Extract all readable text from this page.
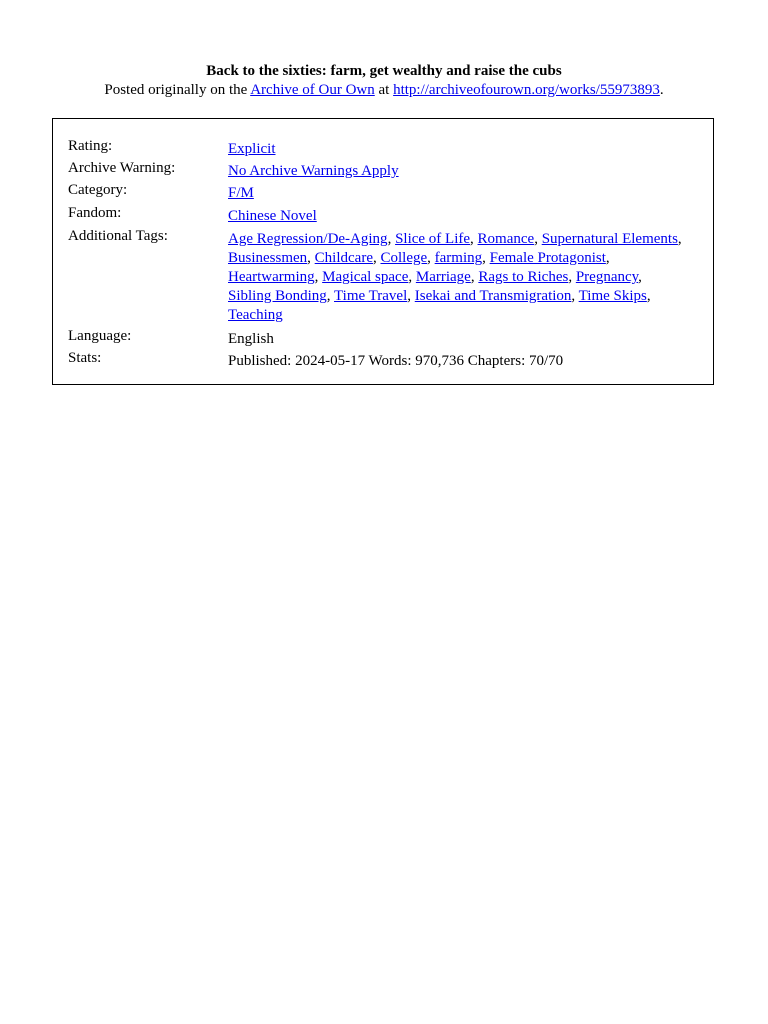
Back to the sixties: farm, get wealthy and raise the cubs
Posted originally on the Archive of Our Own at http://archiveofourown.org/works/55973893.
Rating:	Explicit
Archive Warning:	No Archive Warnings Apply
Category:	F/M
Fandom:	Chinese Novel
Additional Tags:	Age Regression/De-Aging, Slice of Life, Romance, Supernatural Elements, Businessmen, Childcare, College, farming, Female Protagonist, Heartwarming, Magical space, Marriage, Rags to Riches, Pregnancy, Sibling Bonding, Time Travel, Isekai and Transmigration, Time Skips, Teaching
Language:	English
Stats:	Published: 2024-05-17 Words: 970,736 Chapters: 70/70
